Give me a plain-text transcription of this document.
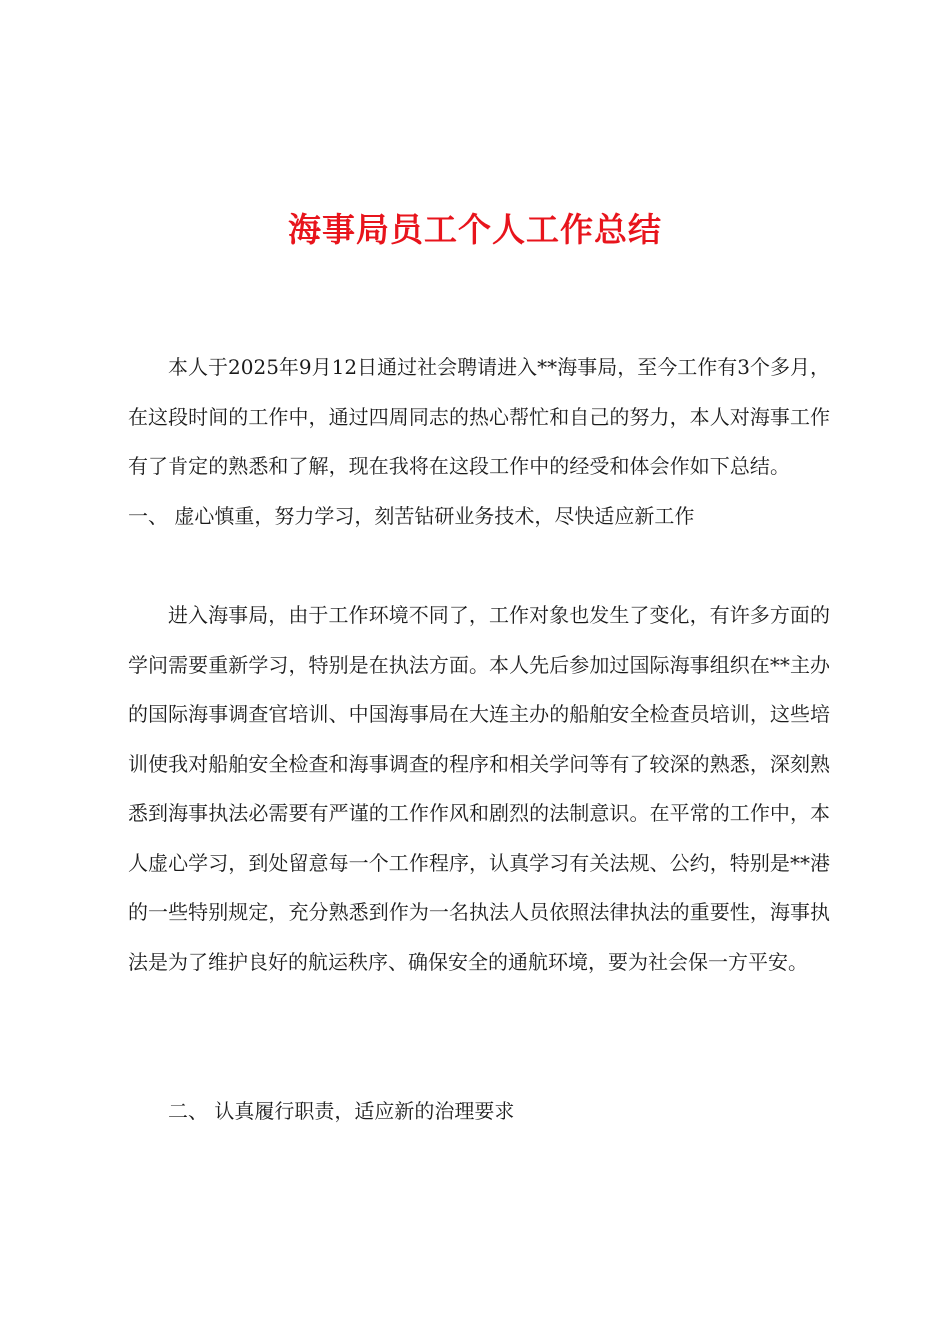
海事局员工个人工作总结

本人于2025年9月12日通过社会聘请进入**海事局，至今工作有3个多月，在这段时间的工作中，通过四周同志的热心帮忙和自己的努力，本人对海事工作有了肯定的熟悉和了解，现在我将在这段工作中的经受和体会作如下总结。一、 虚心慎重，努力学习，刻苦钻研业务技术，尽快适应新工作

进入海事局，由于工作环境不同了，工作对象也发生了变化，有许多方面的学问需要重新学习，特别是在执法方面。本人先后参加过国际海事组织在**主办的国际海事调查官培训、中国海事局在大连主办的船舶安全检查员培训，这些培训使我对船舶安全检查和海事调查的程序和相关学问等有了较深的熟悉，深刻熟悉到海事执法必需要有严谨的工作作风和剧烈的法制意识。在平常的工作中，本人虚心学习，到处留意每一个工作程序，认真学习有关法规、公约，特别是**港的一些特别规定，充分熟悉到作为一名执法人员依照法律执法的重要性，海事执法是为了维护良好的航运秩序、确保安全的通航环境，要为社会保一方平安。

二、 认真履行职责，适应新的治理要求
